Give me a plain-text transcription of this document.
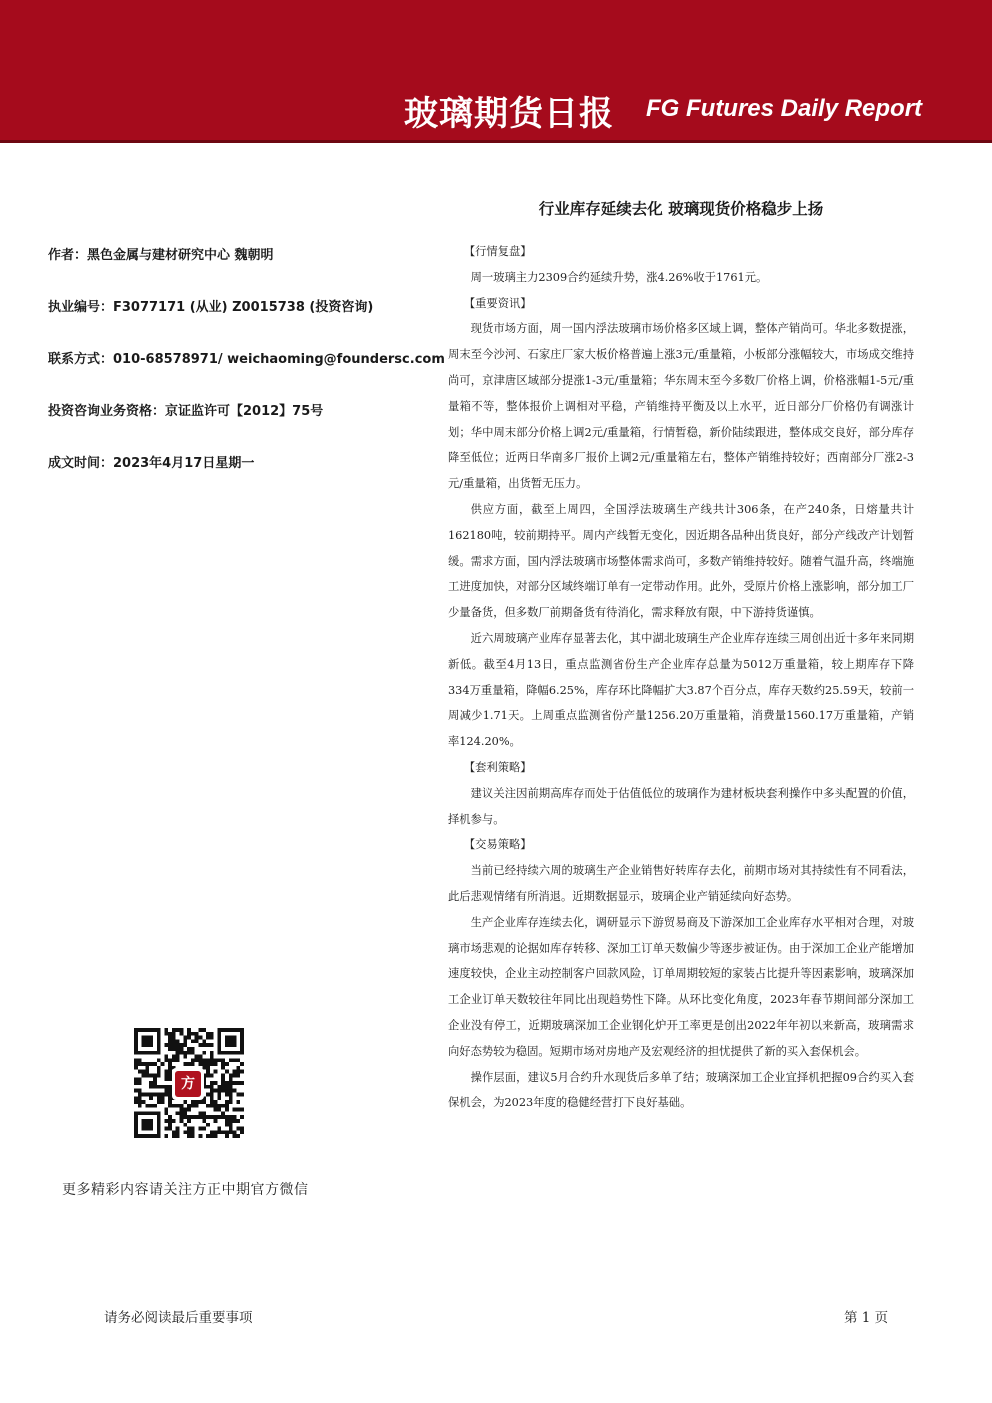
玻璃期货日报 FG Futures Daily Report
行业库存延续去化 玻璃现货价格稳步上扬
作者：黑色金属与建材研究中心 魏朝明
执业编号：F3077171 (从业) Z0015738 (投资咨询)
联系方式：010-68578971/ weichaoming@foundersc.com
投资咨询业务资格：京证监许可【2012】75号
成文时间：2023年4月17日星期一

【行情复盘】

周一玻璃主力2309合约延续升势，涨4.26%收于1761元。

【重要资讯】

现货市场方面，周一国内浮法玻璃市场价格多区域上调，整体产销尚可。华北多数提涨，周末至今沙河、石家庄厂家大板价格普遍上涨3元/重量箱，小板部分涨幅较大，市场成交维持尚可，京津唐区域部分提涨1-3元/重量箱；华东周末至今多数厂价格上调，价格涨幅1-5元/重量箱不等，整体报价上调相对平稳，产销维持平衡及以上水平，近日部分厂价格仍有调涨计划；华中周末部分价格上调2元/重量箱，行情暂稳，新价陆续跟进，整体成交良好，部分库存降至低位；近两日华南多厂报价上调2元/重量箱左右，整体产销维持较好；西南部分厂涨2-3元/重量箱，出货暂无压力。

供应方面，截至上周四，全国浮法玻璃生产线共计306条，在产240条，日熔量共计162180吨，较前期持平。周内产线暂无变化，因近期各品种出货良好，部分产线改产计划暂缓。需求方面，国内浮法玻璃市场整体需求尚可，多数产销维持较好。随着气温升高，终端施工进度加快，对部分区域终端订单有一定带动作用。此外，受原片价格上涨影响，部分加工厂少量备货，但多数厂前期备货有待消化，需求释放有限，中下游持货谨慎。

近六周玻璃产业库存显著去化，其中湖北玻璃生产企业库存连续三周创出近十多年来同期新低。截至4月13日，重点监测省份生产企业库存总量为5012万重量箱，较上期库存下降334万重量箱，降幅6.25%，库存环比降幅扩大3.87个百分点，库存天数约25.59天，较前一周减少1.71天。上周重点监测省份产量1256.20万重量箱，消费量1560.17万重量箱，产销率124.20%。

【套利策略】

建议关注因前期高库存而处于估值低位的玻璃作为建材板块套利操作中多头配置的价值，择机参与。

【交易策略】

当前已经持续六周的玻璃生产企业销售好转库存去化，前期市场对其持续性有不同看法，此后悲观情绪有所消退。近期数据显示，玻璃企业产销延续向好态势。

生产企业库存连续去化，调研显示下游贸易商及下游深加工企业库存水平相对合理，对玻璃市场悲观的论据如库存转移、深加工订单天数偏少等逐步被证伪。由于深加工企业产能增加速度较快，企业主动控制客户回款风险，订单周期较短的家装占比提升等因素影响，玻璃深加工企业订单天数较往年同比出现趋势性下降。从环比变化角度，2023年春节期间部分深加工企业没有停工，近期玻璃深加工企业钢化炉开工率更是创出2022年年初以来新高，玻璃需求向好态势较为稳固。短期市场对房地产及宏观经济的担忧提供了新的买入套保机会。

操作层面，建议5月合约升水现货后多单了结；玻璃深加工企业宜择机把握09合约买入套保机会，为2023年度的稳健经营打下良好基础。

方
更多精彩内容请关注方正中期官方微信
请务必阅读最后重要事项	第 1 页
